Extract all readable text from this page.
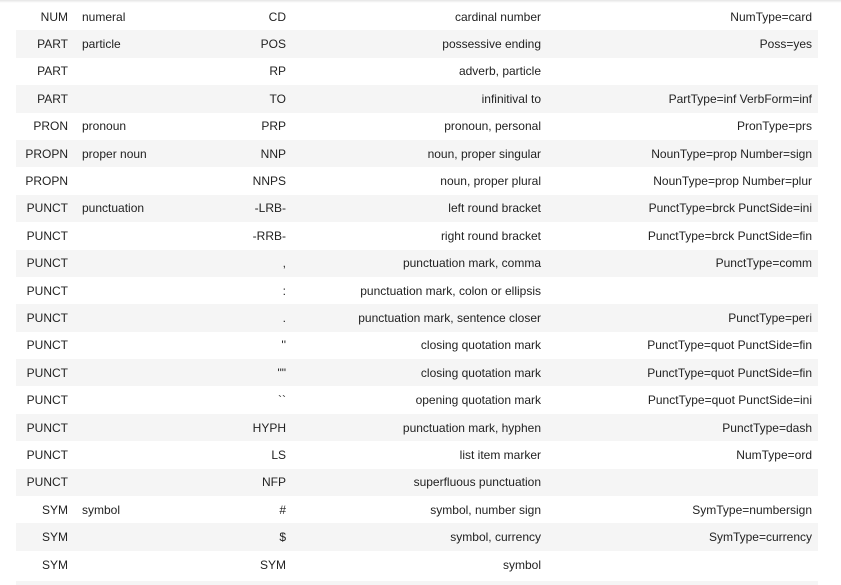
NUM	numeral	CD	cardinal number	NumType=card
PART	particle	POS	possessive ending	Poss=yes
PART		RP	adverb, particle	
PART		TO	infinitival to	PartType=inf VerbForm=inf
PRON	pronoun	PRP	pronoun, personal	PronType=prs
PROPN	proper noun	NNP	noun, proper singular	NounType=prop Number=sign
PROPN		NNPS	noun, proper plural	NounType=prop Number=plur
PUNCT	punctuation	-LRB-	left round bracket	PunctType=brck PunctSide=ini
PUNCT		-RRB-	right round bracket	PunctType=brck PunctSide=fin
PUNCT		,	punctuation mark, comma	PunctType=comm
PUNCT		:	punctuation mark, colon or ellipsis	
PUNCT		.	punctuation mark, sentence closer	PunctType=peri
PUNCT		''	closing quotation mark	PunctType=quot PunctSide=fin
PUNCT		""	closing quotation mark	PunctType=quot PunctSide=fin
PUNCT		``	opening quotation mark	PunctType=quot PunctSide=ini
PUNCT		HYPH	punctuation mark, hyphen	PunctType=dash
PUNCT		LS	list item marker	NumType=ord
PUNCT		NFP	superfluous punctuation	
SYM	symbol	#	symbol, number sign	SymType=numbersign
SYM		$	symbol, currency	SymType=currency
SYM		SYM	symbol	
